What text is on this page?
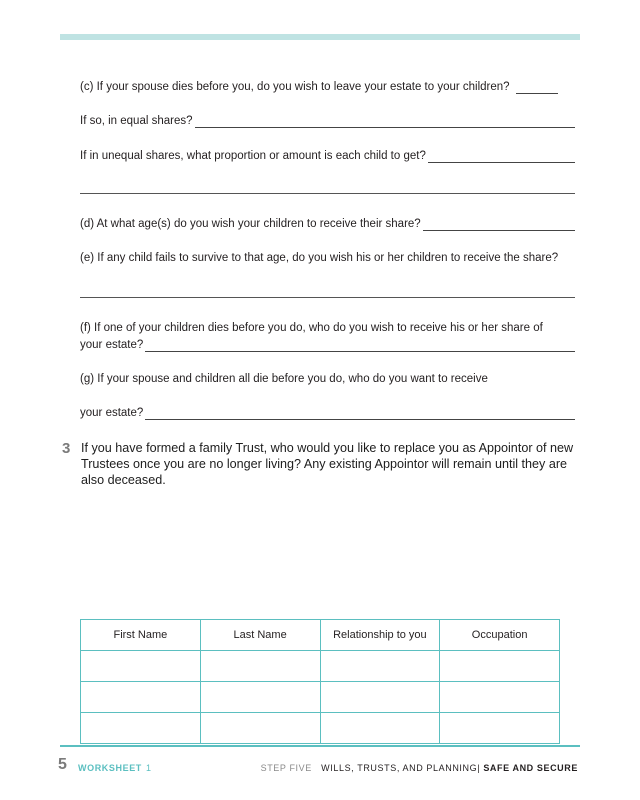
(c) If your spouse dies before you, do you wish to leave your estate to your children?
If so, in equal shares?
If in unequal shares, what proportion or amount is each child to get?
(d) At what age(s) do you wish your children to receive their share?
(e) If any child fails to survive to that age, do you wish his or her children to receive the share?
(f) If one of your children dies before you do, who do you wish to receive his or her share of
your estate?
(g) If your spouse and children all die before you do, who do you want to receive
your estate?
3 If you have formed a family Trust, who would you like to replace you as Appointor of new Trustees once you are no longer living? Any existing Appointor will remain until they are also deceased.
First Name	Last Name	Relationship to you	Occupation

5 WORKSHEET 1	STEP FIVE WILLS, TRUSTS, AND PLANNING| SAFE AND SECURE
